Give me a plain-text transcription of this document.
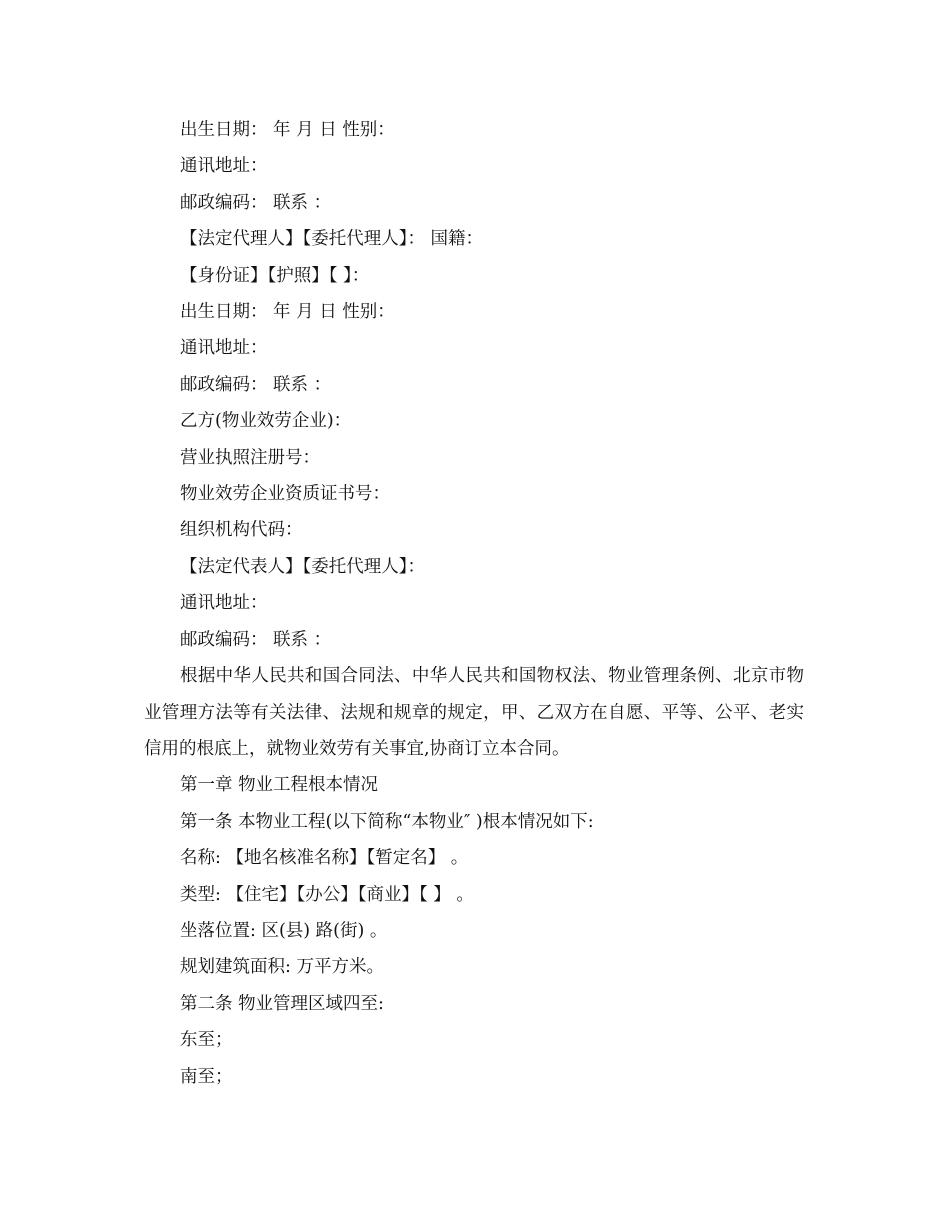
出生日期： 年 月 日 性别：

通讯地址：

邮政编码： 联系 ：

【法定代理人】【委托代理人】： 国籍：

【身份证】【护照】【 】：

出生日期： 年 月 日 性别：

通讯地址：

邮政编码： 联系 ：

乙方(物业效劳企业)：

营业执照注册号：

物业效劳企业资质证书号：

组织机构代码：

【法定代表人】【委托代理人】：

通讯地址：

邮政编码： 联系 ：

根据中华人民共和国合同法、中华人民共和国物权法、物业管理条例、北京市物业管理方法等有关法律、法规和规章的规定，甲、乙双方在自愿、平等、公平、老实信用的根底上，就物业效劳有关事宜,协商订立本合同。

第一章 物业工程根本情况

第一条 本物业工程(以下简称“本物业″ )根本情况如下:

名称: 【地名核准名称】【暂定名】 。

类型: 【住宅】【办公】【商业】【 】 。

坐落位置: 区(县) 路(街) 。

规划建筑面积: 万平方米。

第二条 物业管理区域四至:

东至；

南至；
